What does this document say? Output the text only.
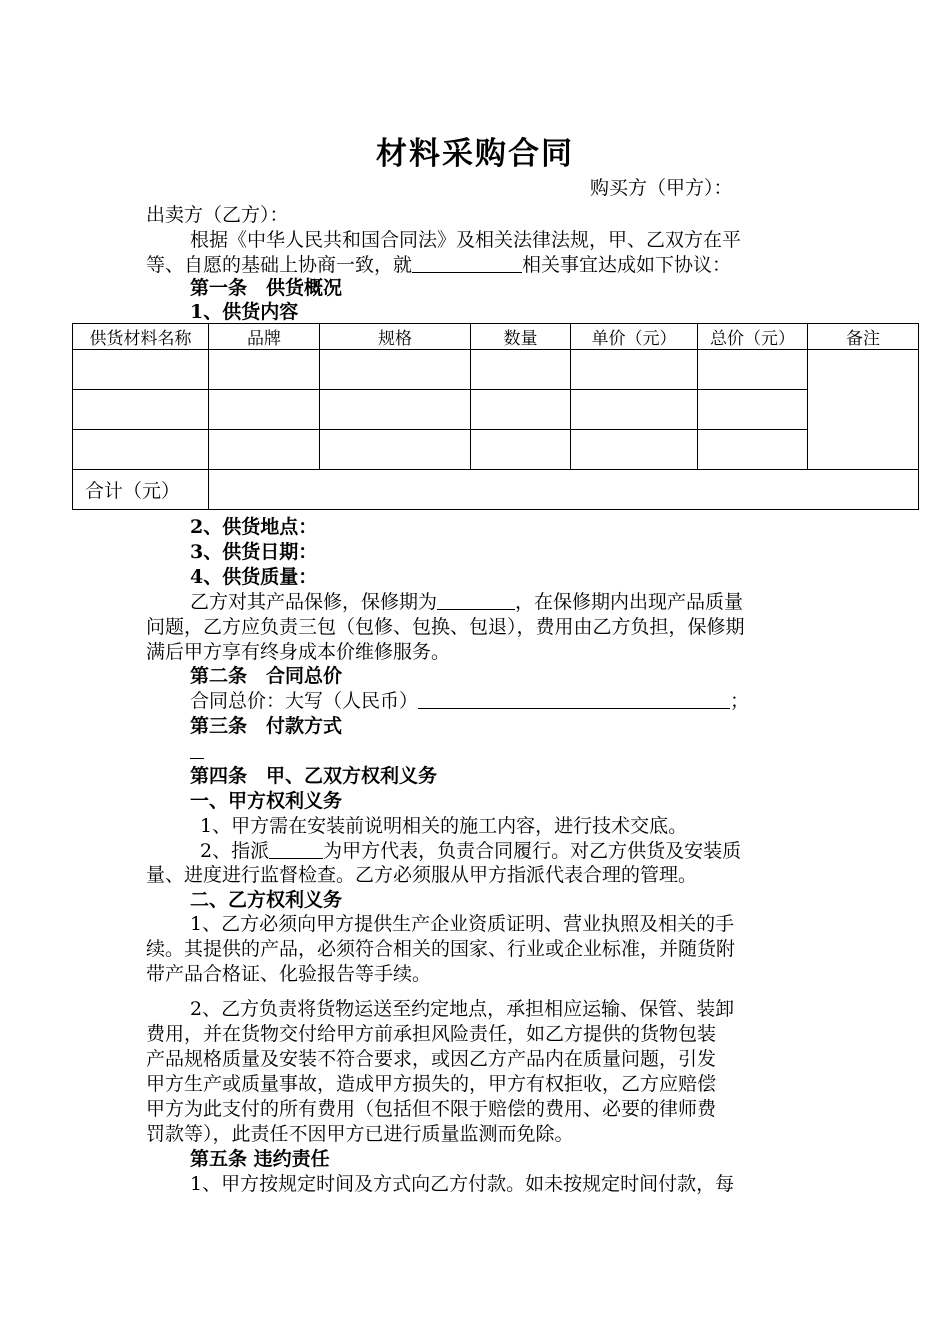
材料采购合同
购买方（甲方）：
出卖方（乙方）：
根据《中华人民共和国合同法》及相关法律法规，甲、乙双方在平
等、自愿的基础上协商一致，就	相关事宜达成如下协议：
第一条　供货概况
1、供货内容
供货材料名称	品牌	规格	数量	单价（元）	总价（元）	备注

合计（元）						
2、供货地点：
3、供货日期：
4、供货质量：
乙方对其产品保修，保修期为	，在保修期内出现产品质量
问题，乙方应负责三包（包修、包换、包退），费用由乙方负担，保修期
满后甲方享有终身成本价维修服务。
第二条　合同总价
合同总价：大写（人民币）	；
第三条　付款方式
第四条　甲、乙双方权利义务
一、甲方权利义务
1、甲方需在安装前说明相关的施工内容，进行技术交底。
2、指派	为甲方代表，负责合同履行。对乙方供货及安装质
量、进度进行监督检查。乙方必须服从甲方指派代表合理的管理。
二、乙方权利义务
1、乙方必须向甲方提供生产企业资质证明、营业执照及相关的手
续。其提供的产品，必须符合相关的国家、行业或企业标准，并随货附
带产品合格证、化验报告等手续。
2、乙方负责将货物运送至约定地点，承担相应运输、保管、装卸
费用，并在货物交付给甲方前承担风险责任，如乙方提供的货物包装
产品规格质量及安装不符合要求，或因乙方产品内在质量问题，引发
甲方生产或质量事故，造成甲方损失的，甲方有权拒收，乙方应赔偿
甲方为此支付的所有费用（包括但不限于赔偿的费用、必要的律师费
罚款等），此责任不因甲方已进行质量监测而免除。
第五条 违约责任
1、甲方按规定时间及方式向乙方付款。如未按规定时间付款，每
